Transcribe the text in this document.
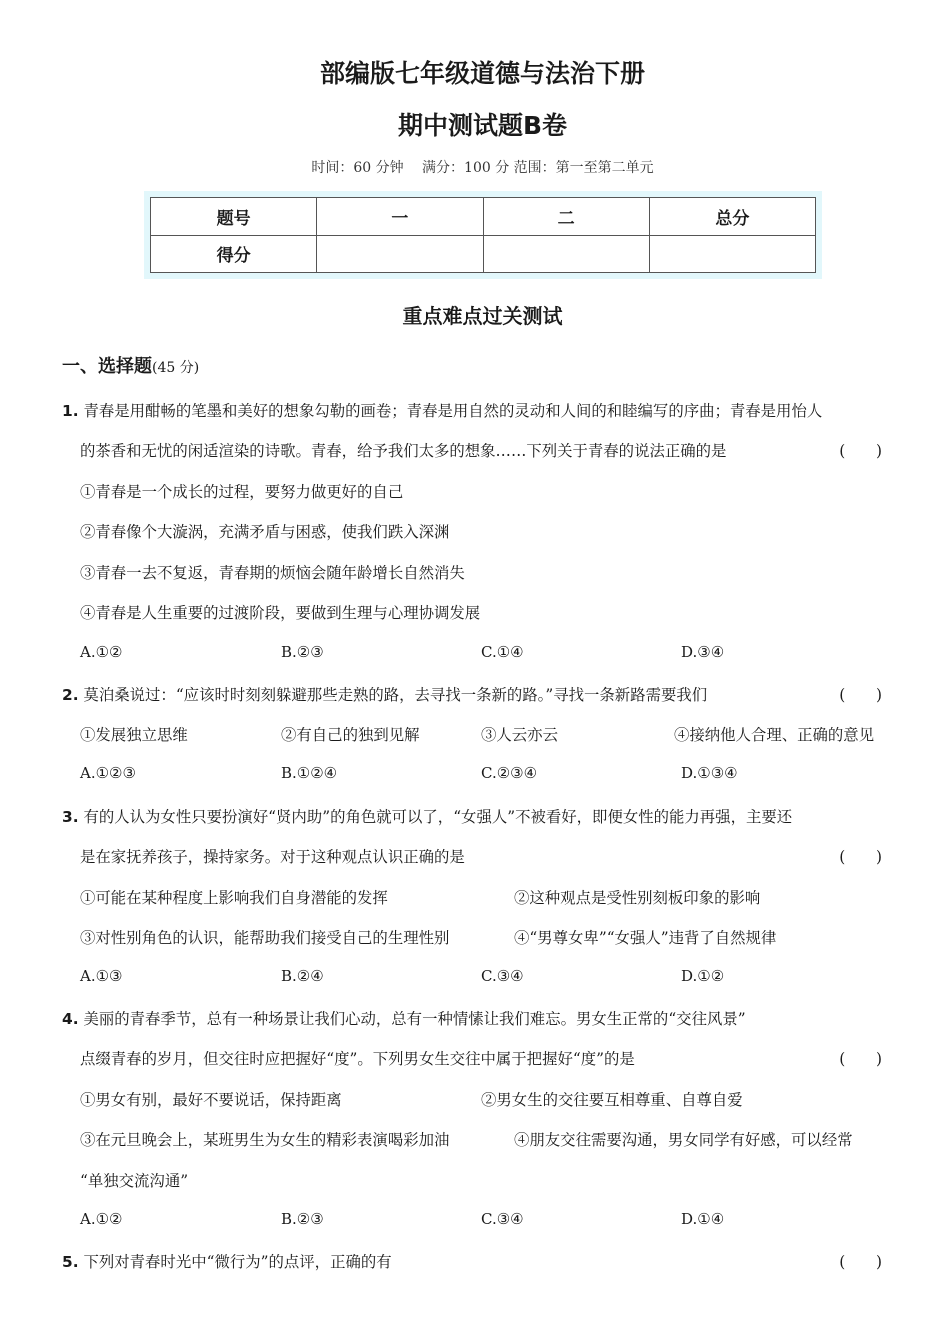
部编版七年级道德与法治下册
期中测试题B卷
时间：60 分钟　 满分：100 分 范围：第一至第二单元
题号	一	二	总分
得分			
重点难点过关测试
一、选择题(45 分)
1. 青春是用酣畅的笔墨和美好的想象勾勒的画卷；青春是用自然的灵动和人间的和睦编写的序曲；青春是用怡人
的茶香和无忧的闲适渲染的诗歌。青春，给予我们太多的想象……下列关于青春的说法正确的是	(　　)
①青春是一个成长的过程，要努力做更好的自己
②青春像个大漩涡，充满矛盾与困惑，使我们跌入深渊
③青春一去不复返，青春期的烦恼会随年龄增长自然消失
④青春是人生重要的过渡阶段，要做到生理与心理协调发展
A.①②	B.②③	C.①④	D.③④
2. 莫泊桑说过：“应该时时刻刻躲避那些走熟的路，去寻找一条新的路。”寻找一条新路需要我们	(　　)
①发展独立思维	②有自己的独到见解	③人云亦云	④接纳他人合理、正确的意见
A.①②③	B.①②④	C.②③④	D.①③④
3. 有的人认为女性只要扮演好“贤内助”的角色就可以了，“女强人”不被看好，即便女性的能力再强，主要还
是在家抚养孩子，操持家务。对于这种观点认识正确的是	(　　)
①可能在某种程度上影响我们自身潜能的发挥	②这种观点是受性别刻板印象的影响
③对性别角色的认识，能帮助我们接受自己的生理性别	④“男尊女卑”“女强人”违背了自然规律
A.①③	B.②④	C.③④	D.①②
4. 美丽的青春季节，总有一种场景让我们心动，总有一种情愫让我们难忘。男女生正常的“交往风景”
点缀青春的岁月，但交往时应把握好“度”。下列男女生交往中属于把握好“度”的是	(　　)
①男女有别，最好不要说话，保持距离	②男女生的交往要互相尊重、自尊自爱
③在元旦晚会上，某班男生为女生的精彩表演喝彩加油	④朋友交往需要沟通，男女同学有好感，可以经常
“单独交流沟通”
A.①②	B.②③	C.③④	D.①④
5. 下列对青春时光中“微行为”的点评，正确的有	(　　)
